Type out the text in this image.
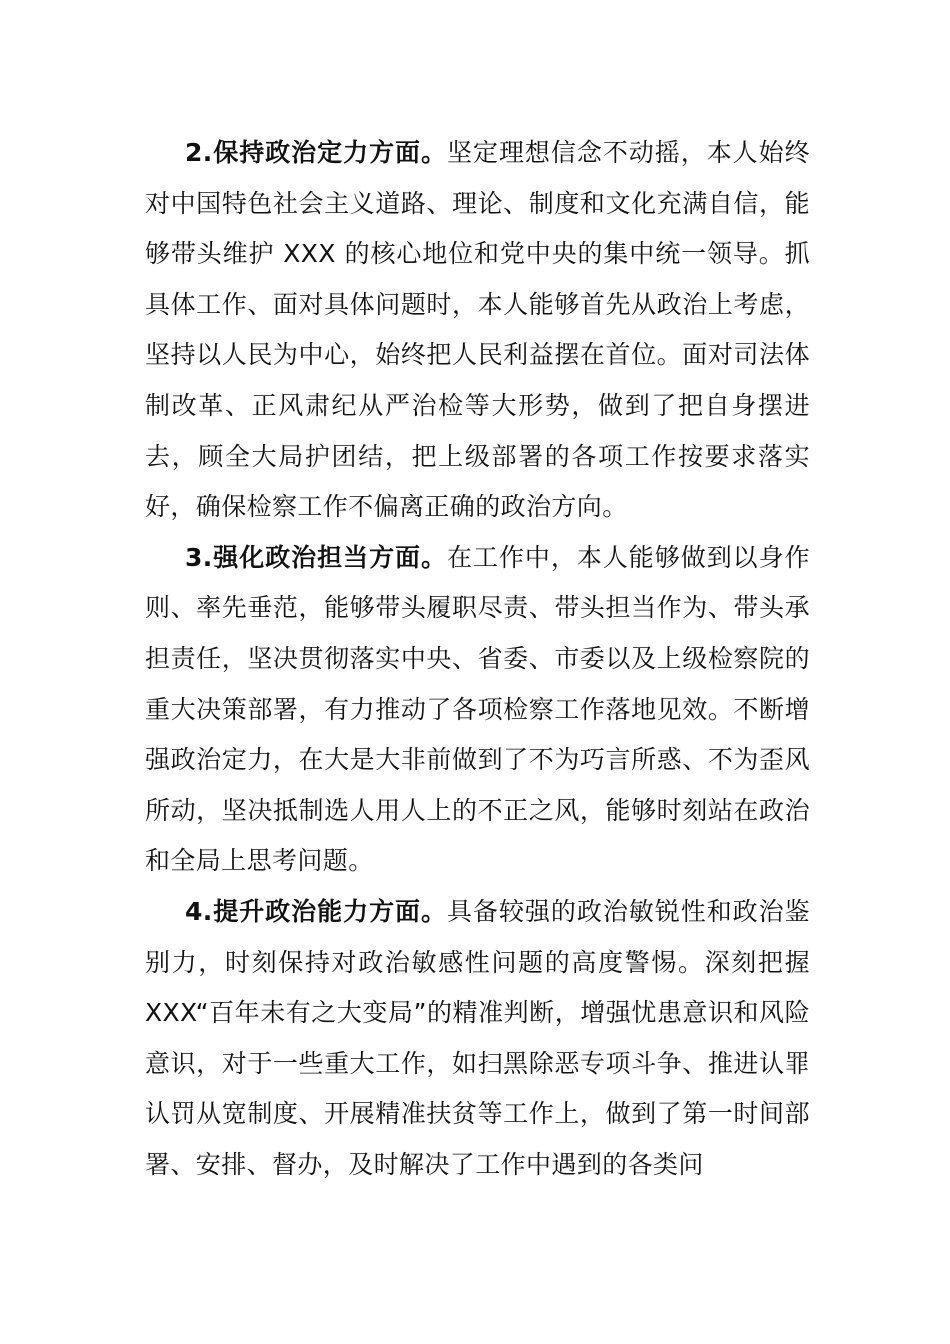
2.保持政治定力方面。坚定理想信念不动摇，本人始终对中国特色社会主义道路、理论、制度和文化充满自信，能够带头维护 XXX 的核心地位和党中央的集中统一领导。抓具体工作、面对具体问题时，本人能够首先从政治上考虑，坚持以人民为中心，始终把人民利益摆在首位。面对司法体制改革、正风肃纪从严治检等大形势，做到了把自身摆进去，顾全大局护团结，把上级部署的各项工作按要求落实好，确保检察工作不偏离正确的政治方向。

3.强化政治担当方面。在工作中，本人能够做到以身作则、率先垂范，能够带头履职尽责、带头担当作为、带头承担责任，坚决贯彻落实中央、省委、市委以及上级检察院的重大决策部署，有力推动了各项检察工作落地见效。不断增强政治定力，在大是大非前做到了不为巧言所惑、不为歪风所动，坚决抵制选人用人上的不正之风，能够时刻站在政治和全局上思考问题。

4.提升政治能力方面。具备较强的政治敏锐性和政治鉴别力，时刻保持对政治敏感性问题的高度警惕。深刻把握 XXX“百年未有之大变局”的精准判断，增强忧患意识和风险意识，对于一些重大工作，如扫黑除恶专项斗争、推进认罪认罚从宽制度、开展精准扶贫等工作上，做到了第一时间部署、安排、督办，及时解决了工作中遇到的各类问
